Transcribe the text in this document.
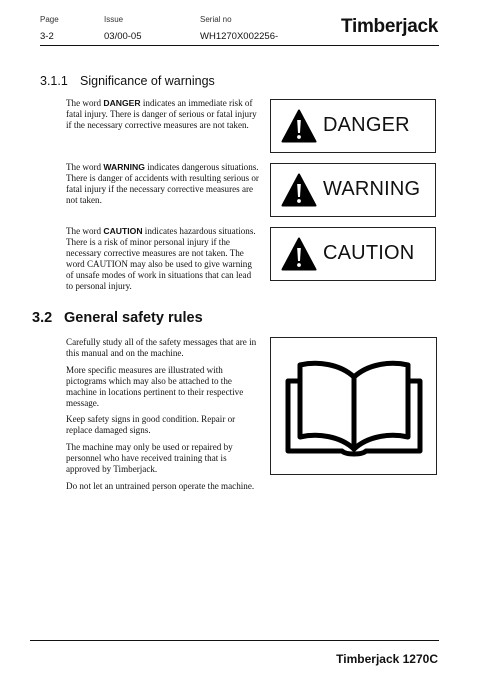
Page
3-2
Issue
03/00-05
Serial no
WH1270X002256-	Timberjack
3.1.1 Significance of warnings
The word DANGER indicates an immediate risk of fatal injury. There is danger of serious or fatal injury if the necessary corrective measures are not taken.
The word WARNING indicates dangerous situations. There is danger of accidents with resulting serious or fatal injury if the necessary corrective measures are not taken.
The word CAUTION indicates hazardous situations. There is a risk of minor personal injury if the necessary corrective measures are not taken. The word CAUTION may also be used to give warning of unsafe modes of work in situations that can lead to personal injury.
DANGER
WARNING
CAUTION
3.2 General safety rules

Carefully study all of the safety messages that are in this manual and on the machine.

More specific measures are illustrated with pictograms which may also be attached to the machine in locations pertinent to their respective message.

Keep safety signs in good condition. Repair or replace damaged signs.

The machine may only be used or repaired by personnel who have received training that is approved by Timberjack.

Do not let an untrained person operate the machine.

Timberjack 1270C
